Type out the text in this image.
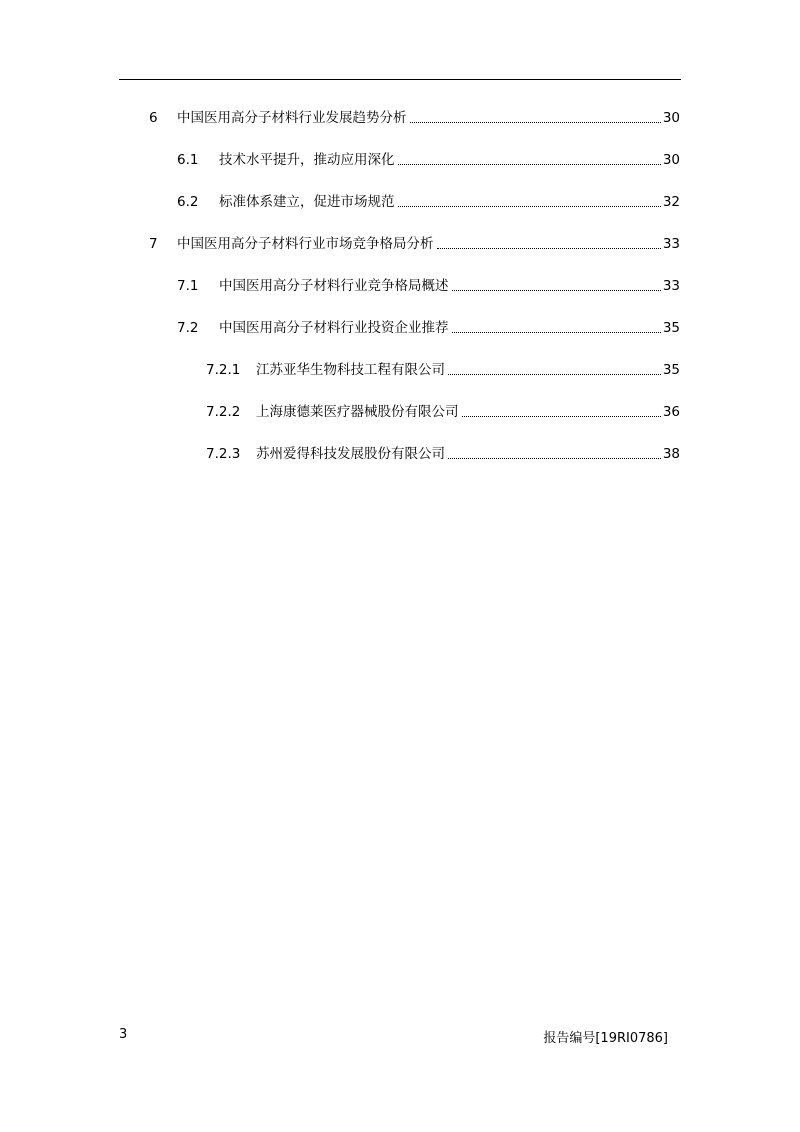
6	中国医用高分子材料行业发展趋势分析	30
6.1	技术水平提升，推动应用深化	30
6.2	标准体系建立，促进市场规范	32
7	中国医用高分子材料行业市场竞争格局分析	33
7.1	中国医用高分子材料行业竞争格局概述	33
7.2	中国医用高分子材料行业投资企业推荐	35
7.2.1	江苏亚华生物科技工程有限公司	35
7.2.2	上海康德莱医疗器械股份有限公司	36
7.2.3	苏州爱得科技发展股份有限公司	38
3	报告编号[19RI0786]
